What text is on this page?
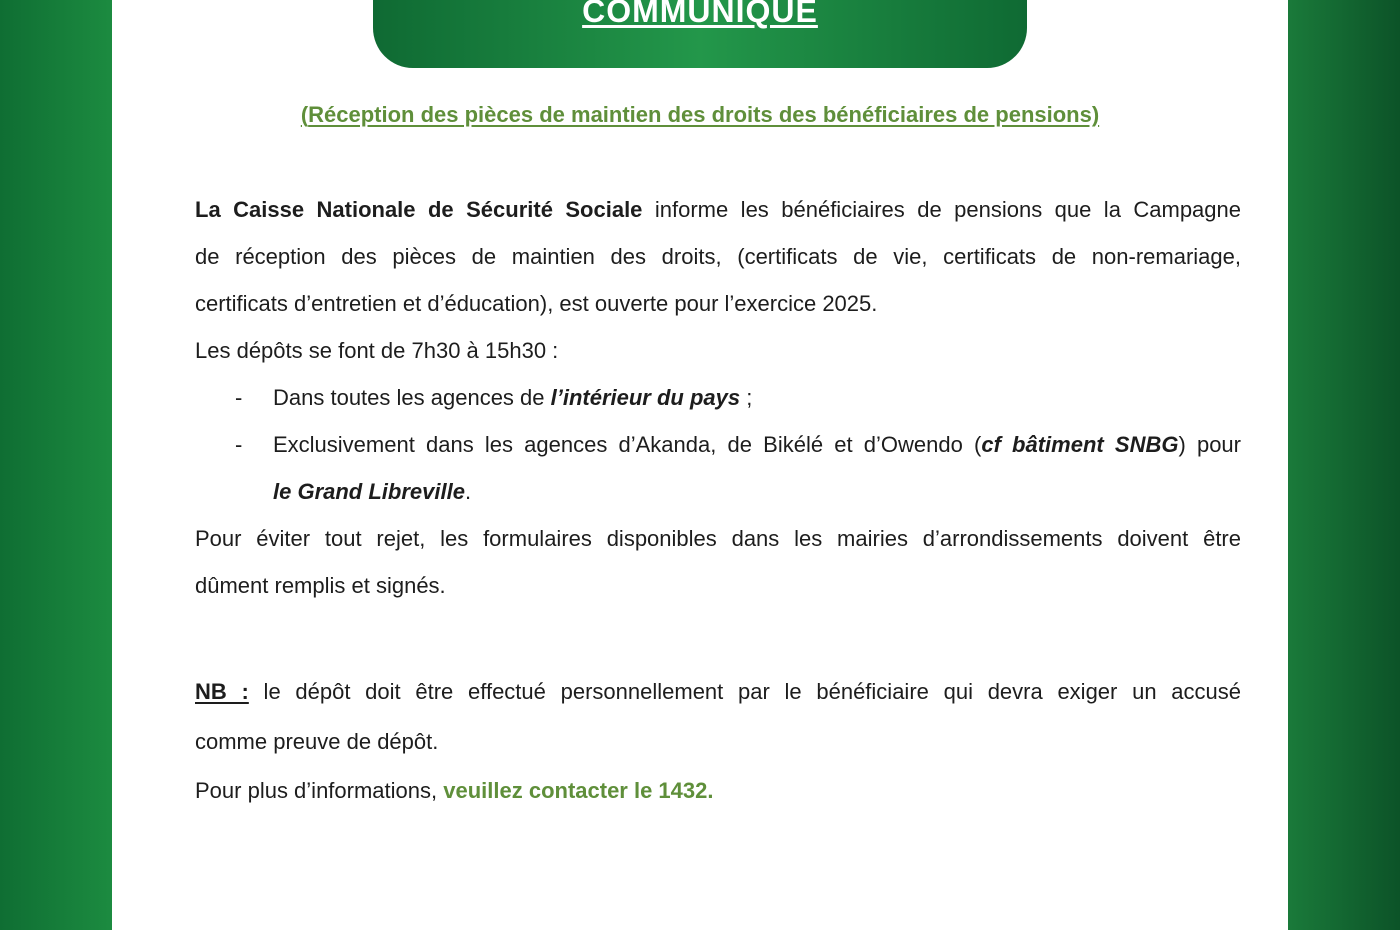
COMMUNIQUE
(Réception des pièces de maintien des droits des bénéficiaires de pensions)

La Caisse Nationale de Sécurité Sociale informe les bénéficiaires de pensions que la Campagne

de réception des pièces de maintien des droits, (certificats de vie, certificats de non-remariage,

certificats d’entretien et d’éducation), est ouverte pour l’exercice 2025.

Les dépôts se font de 7h30 à 15h30 :

-	Dans toutes les agences de l’intérieur du pays ;
-	Exclusivement dans les agences d’Akanda, de Bikélé et d’Owendo (cf bâtiment SNBG) pour

le Grand Libreville.

Pour éviter tout rejet, les formulaires disponibles dans les mairies d’arrondissements doivent être

dûment remplis et signés.

NB : le dépôt doit être effectué personnellement par le bénéficiaire qui devra exiger un accusé

comme preuve de dépôt.

Pour plus d’informations, veuillez contacter le 1432.
